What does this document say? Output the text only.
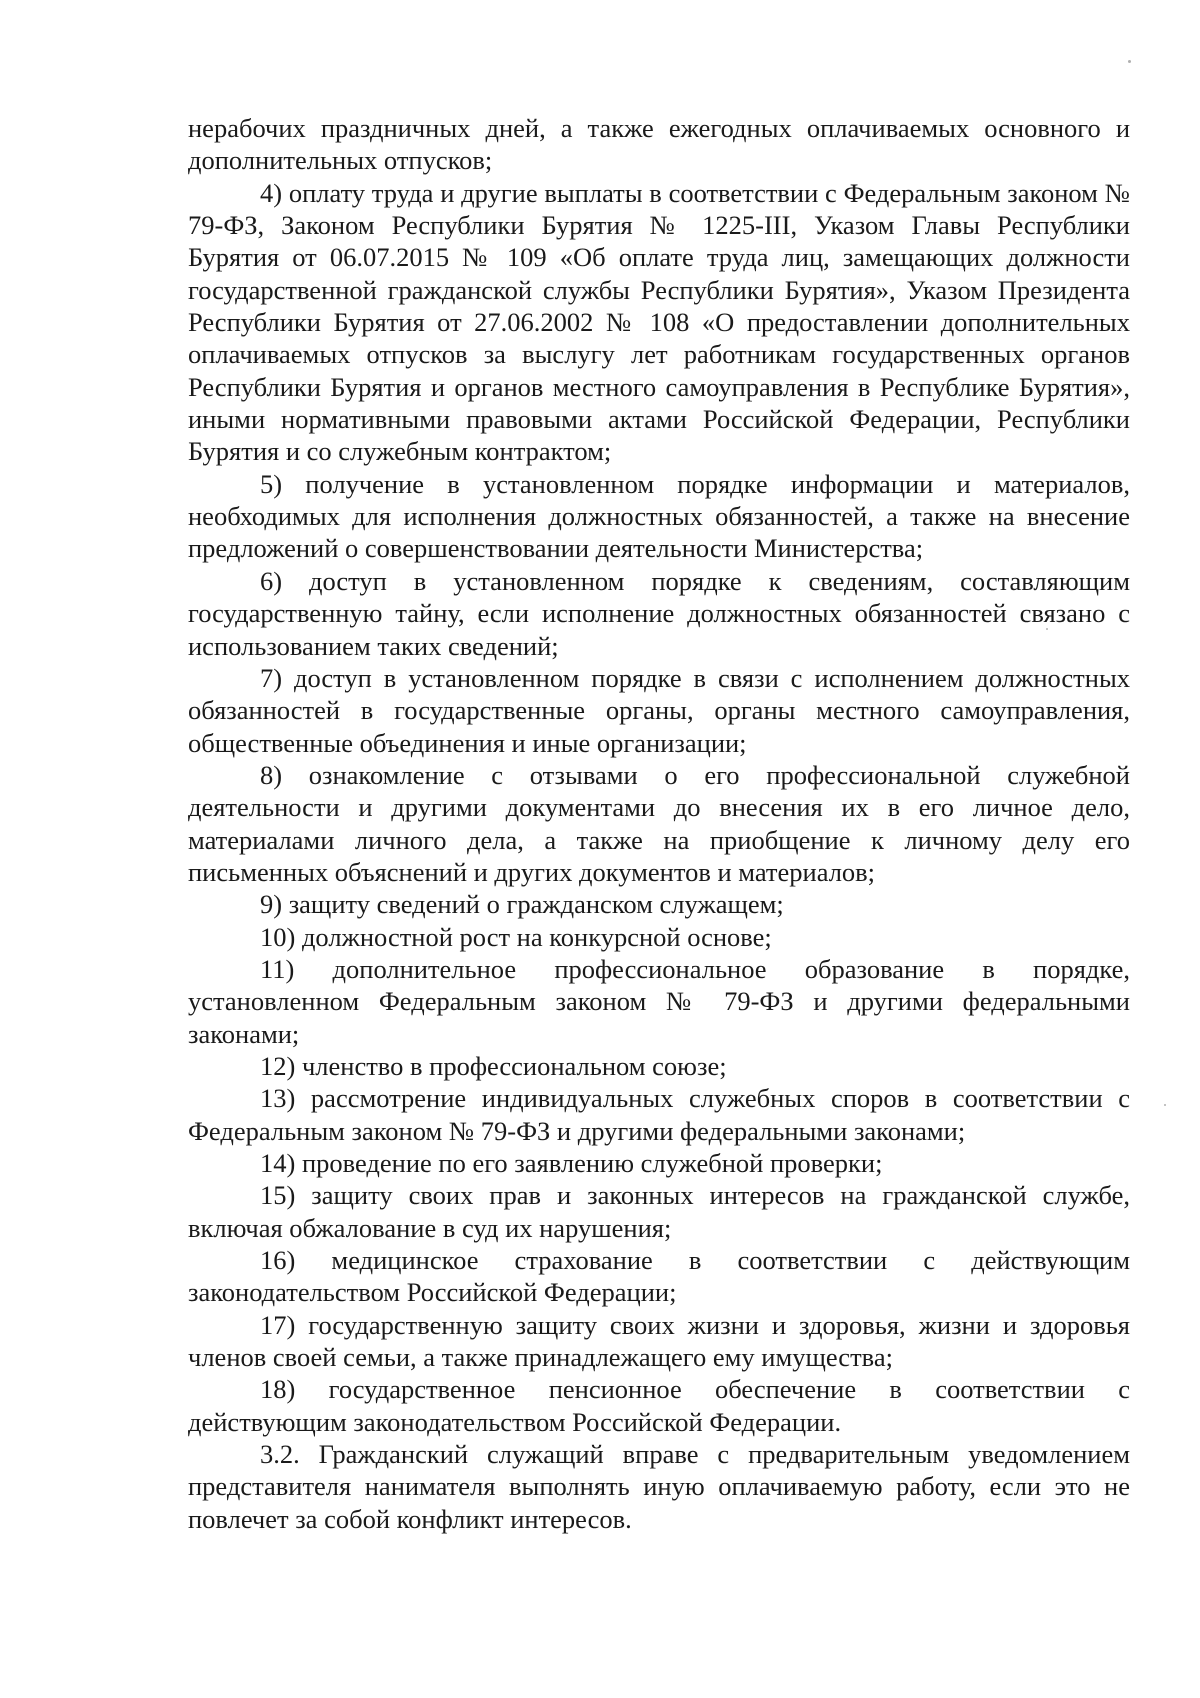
нерабочих праздничных дней, а также ежегодных оплачиваемых основного и дополнительных отпусков;

4) оплату труда и другие выплаты в соответствии с Федеральным законом № 79-ФЗ, Законом Республики Бурятия № 1225-III, Указом Главы Республики Бурятия от 06.07.2015 № 109 «Об оплате труда лиц, замещающих должности государственной гражданской службы Республики Бурятия», Указом Президента Республики Бурятия от 27.06.2002 № 108 «О предоставлении дополнительных оплачиваемых отпусков за выслугу лет работникам государственных органов Республики Бурятия и органов местного самоуправления в Республике Бурятия», иными нормативными правовыми актами Российской Федерации, Республики Бурятия и со служебным контрактом;

5) получение в установленном порядке информации и материалов, необходимых для исполнения должностных обязанностей, а также на внесение предложений о совершенствовании деятельности Министерства;

6) доступ в установленном порядке к сведениям, составляющим государственную тайну, если исполнение должностных обязанностей связано с использованием таких сведений;

7) доступ в установленном порядке в связи с исполнением должностных обязанностей в государственные органы, органы местного самоуправления, общественные объединения и иные организации;

8) ознакомление с отзывами о его профессиональной служебной деятельности и другими документами до внесения их в его личное дело, материалами личного дела, а также на приобщение к личному делу его письменных объяснений и других документов и материалов;

9) защиту сведений о гражданском служащем;

10) должностной рост на конкурсной основе;

11) дополнительное профессиональное образование в порядке, установленном Федеральным законом № 79-ФЗ и другими федеральными законами;

12) членство в профессиональном союзе;

13) рассмотрение индивидуальных служебных споров в соответствии с Федеральным законом № 79-ФЗ и другими федеральными законами;

14) проведение по его заявлению служебной проверки;

15) защиту своих прав и законных интересов на гражданской службе, включая обжалование в суд их нарушения;

16) медицинское страхование в соответствии с действующим законодательством Российской Федерации;

17) государственную защиту своих жизни и здоровья, жизни и здоровья членов своей семьи, а также принадлежащего ему имущества;

18) государственное пенсионное обеспечение в соответствии с действующим законодательством Российской Федерации.

3.2. Гражданский служащий вправе с предварительным уведомлением представителя нанимателя выполнять иную оплачиваемую работу, если это не повлечет за собой конфликт интересов.
